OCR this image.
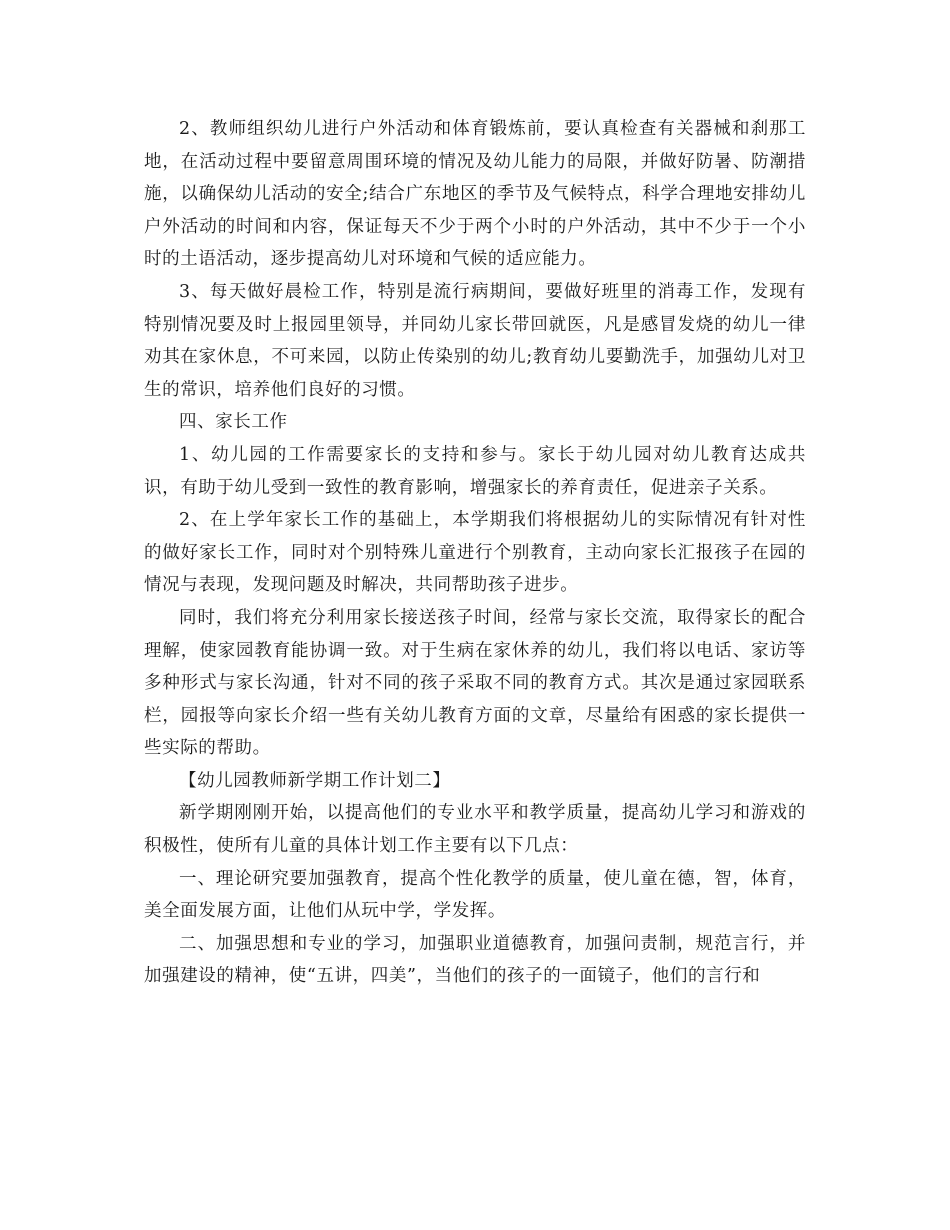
2、教师组织幼儿进行户外活动和体育锻炼前，要认真检查有关器械和刹那工地，在活动过程中要留意周围环境的情况及幼儿能力的局限，并做好防暑、防潮措施，以确保幼儿活动的安全;结合广东地区的季节及气候特点，科学合理地安排幼儿户外活动的时间和内容，保证每天不少于两个小时的户外活动，其中不少于一个小时的土语活动，逐步提高幼儿对环境和气候的适应能力。

3、每天做好晨检工作，特别是流行病期间，要做好班里的消毒工作，发现有特别情况要及时上报园里领导，并同幼儿家长带回就医，凡是感冒发烧的幼儿一律劝其在家休息，不可来园，以防止传染别的幼儿;教育幼儿要勤洗手，加强幼儿对卫生的常识，培养他们良好的习惯。

四、家长工作

1、幼儿园的工作需要家长的支持和参与。家长于幼儿园对幼儿教育达成共识，有助于幼儿受到一致性的教育影响，增强家长的养育责任，促进亲子关系。

2、在上学年家长工作的基础上，本学期我们将根据幼儿的实际情况有针对性的做好家长工作，同时对个别特殊儿童进行个别教育，主动向家长汇报孩子在园的情况与表现，发现问题及时解决，共同帮助孩子进步。

同时，我们将充分利用家长接送孩子时间，经常与家长交流，取得家长的配合理解，使家园教育能协调一致。对于生病在家休养的幼儿，我们将以电话、家访等多种形式与家长沟通，针对不同的孩子采取不同的教育方式。其次是通过家园联系栏，园报等向家长介绍一些有关幼儿教育方面的文章，尽量给有困惑的家长提供一些实际的帮助。

【幼儿园教师新学期工作计划二】

新学期刚刚开始，以提高他们的专业水平和教学质量，提高幼儿学习和游戏的积极性，使所有儿童的具体计划工作主要有以下几点：

一、理论研究要加强教育，提高个性化教学的质量，使儿童在德，智，体育，美全面发展方面，让他们从玩中学，学发挥。

二、加强思想和专业的学习，加强职业道德教育，加强问责制，规范言行，并加强建设的精神，使“五讲，四美”，当他们的孩子的一面镜子，他们的言行和
